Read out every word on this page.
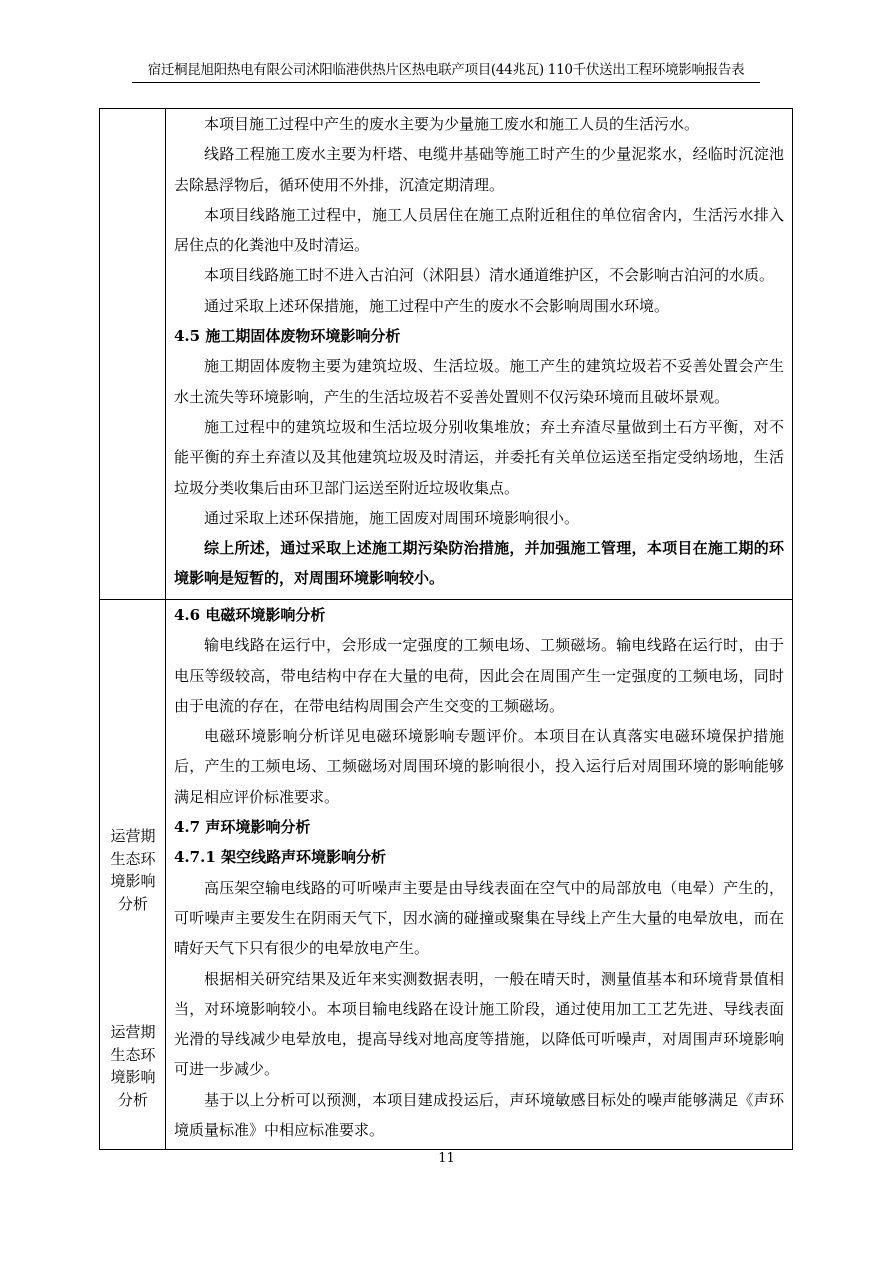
宿迁桐昆旭阳热电有限公司沭阳临港供热片区热电联产项目(44兆瓦) 110千伏送出工程环境影响报告表

本项目施工过程中产生的废水主要为少量施工废水和施工人员的生活污水。

线路工程施工废水主要为杆塔、电缆井基础等施工时产生的少量泥浆水，经临时沉淀池去除悬浮物后，循环使用不外排，沉渣定期清理。

本项目线路施工过程中，施工人员居住在施工点附近租住的单位宿舍内，生活污水排入居住点的化粪池中及时清运。

本项目线路施工时不进入古泊河（沭阳县）清水通道维护区，不会影响古泊河的水质。

通过采取上述环保措施，施工过程中产生的废水不会影响周围水环境。

4.5 施工期固体废物环境影响分析

施工期固体废物主要为建筑垃圾、生活垃圾。施工产生的建筑垃圾若不妥善处置会产生水土流失等环境影响，产生的生活垃圾若不妥善处置则不仅污染环境而且破坏景观。

施工过程中的建筑垃圾和生活垃圾分别收集堆放；弃土弃渣尽量做到土石方平衡，对不能平衡的弃土弃渣以及其他建筑垃圾及时清运，并委托有关单位运送至指定受纳场地，生活垃圾分类收集后由环卫部门运送至附近垃圾收集点。

通过采取上述环保措施，施工固废对周围环境影响很小。

综上所述，通过采取上述施工期污染防治措施，并加强施工管理，本项目在施工期的环境影响是短暂的，对周围环境影响较小。

运营期
生态环
境影响
分析
运营期
生态环
境影响
分析
4.6 电磁环境影响分析

输电线路在运行中，会形成一定强度的工频电场、工频磁场。输电线路在运行时，由于电压等级较高，带电结构中存在大量的电荷，因此会在周围产生一定强度的工频电场，同时由于电流的存在，在带电结构周围会产生交变的工频磁场。

电磁环境影响分析详见电磁环境影响专题评价。本项目在认真落实电磁环境保护措施后，产生的工频电场、工频磁场对周围环境的影响很小，投入运行后对周围环境的影响能够满足相应评价标准要求。

4.7 声环境影响分析
4.7.1 架空线路声环境影响分析

高压架空输电线路的可听噪声主要是由导线表面在空气中的局部放电（电晕）产生的，可听噪声主要发生在阴雨天气下，因水滴的碰撞或聚集在导线上产生大量的电晕放电，而在晴好天气下只有很少的电晕放电产生。

根据相关研究结果及近年来实测数据表明，一般在晴天时，测量值基本和环境背景值相当，对环境影响较小。本项目输电线路在设计施工阶段，通过使用加工工艺先进、导线表面光滑的导线减少电晕放电，提高导线对地高度等措施，以降低可听噪声，对周围声环境影响可进一步减少。

基于以上分析可以预测，本项目建成投运后，声环境敏感目标处的噪声能够满足《声环境质量标准》中相应标准要求。

11
